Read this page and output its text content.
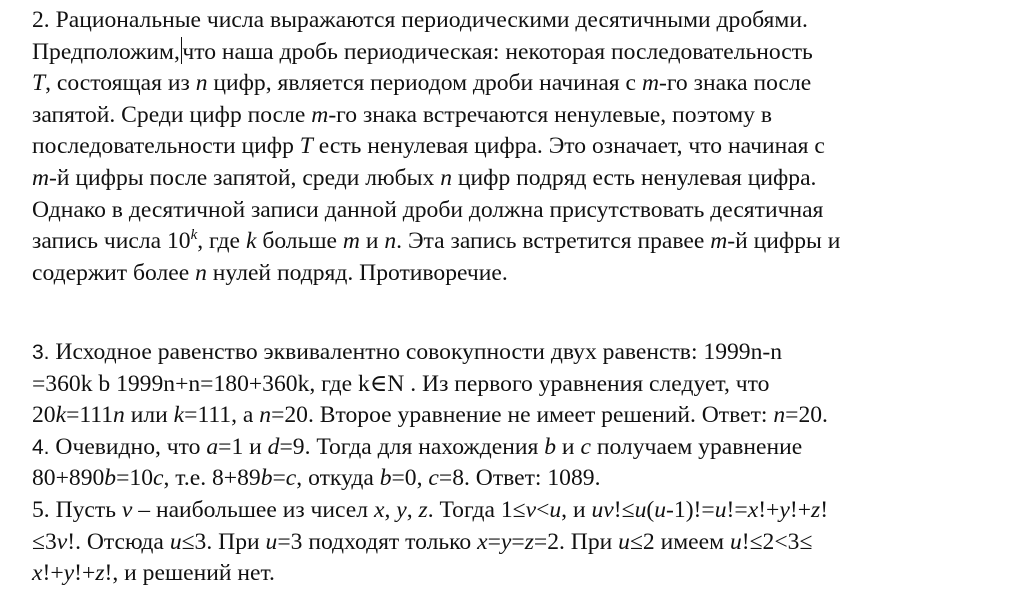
2. Рациональные числа выражаются периодическими десятичными дробями.
Предположим, что наша дробь периодическая: некоторая последовательность
T, состоящая из n цифр, является периодом дроби начиная с m-го знака после
запятой. Среди цифр после m-го знака встречаются ненулевые, поэтому в
последовательности цифр T есть ненулевая цифра. Это означает, что начиная с
m-й цифры после запятой, среди любых n цифр подряд есть ненулевая цифра.
Однако в десятичной записи данной дроби должна присутствовать десятичная
запись числа 10$^k$, где k больше m и n. Эта запись встретится правее m-й цифры и
содержит более n нулей подряд. Противоречие.
3. Исходное равенство эквивалентно совокупности двух равенств: 1999n-n
=360k b 1999n+n=180+360k, где k∈N . Из первого уравнения следует, что
20k=111n или k=111, а n=20. Второе уравнение не имеет решений. Ответ: n=20.
4. Очевидно, что a=1 и d=9. Тогда для нахождения b и c получаем уравнение
80+890b=10c, т.е. 8+89b=c, откуда b=0, c=8. Ответ: 1089.
5. Пусть v – наибольшее из чисел x, y, z. Тогда 1≤v<u, и uv!≤u(u-1)!=u!=x!+y!+z!
≤3v!. Отсюда u≤3. При u=3 подходят только x=y=z=2. При u≤2 имеем u!≤2<3≤
x!+y!+z!, и решений нет.
